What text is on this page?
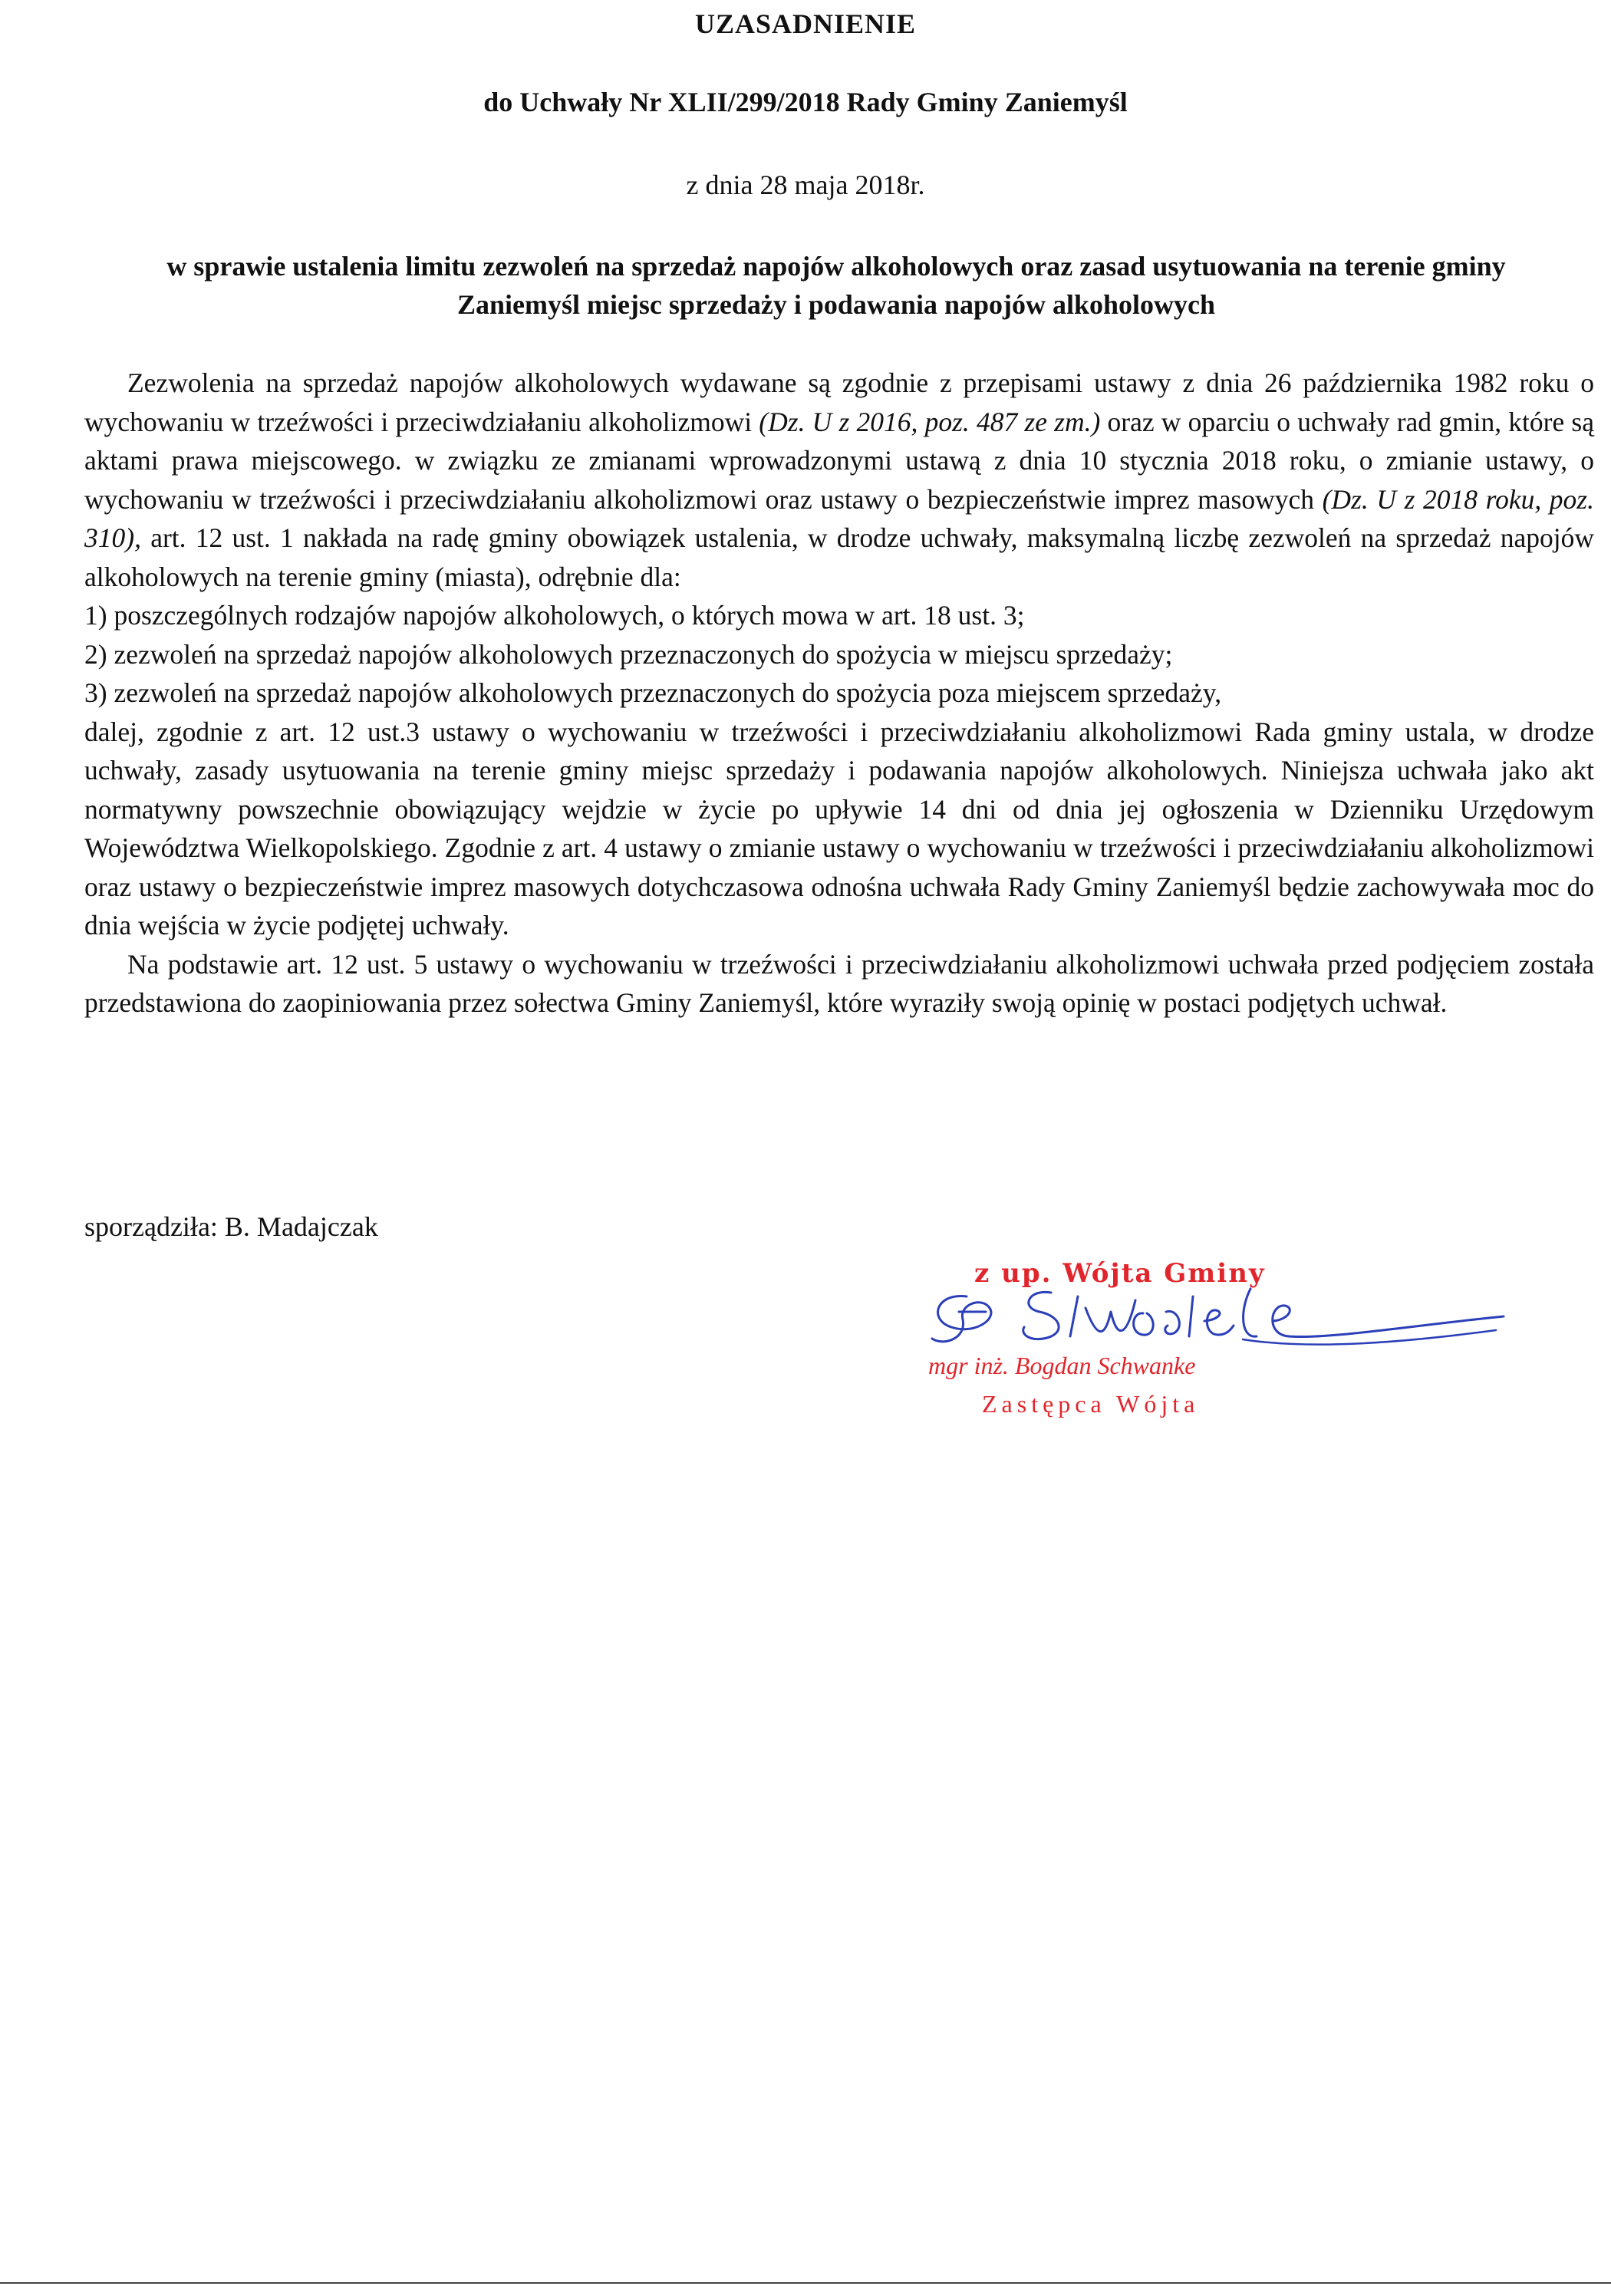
UZASADNIENIE
do Uchwały Nr XLII/299/2018 Rady Gminy Zaniemyśl
z dnia 28 maja 2018r.
w sprawie ustalenia limitu zezwoleń na sprzedaż napojów alkoholowych oraz zasad usytuowania na terenie gminy Zaniemyśl miejsc sprzedaży i podawania napojów alkoholowych

Zezwolenia na sprzedaż napojów alkoholowych wydawane są zgodnie z przepisami ustawy z dnia 26 października 1982 roku o wychowaniu w trzeźwości i przeciwdziałaniu alkoholizmowi (Dz. U z 2016, poz. 487 ze zm.) oraz w oparciu o uchwały rad gmin, które są aktami prawa miejscowego. w związku ze zmianami wprowadzonymi ustawą z dnia 10 stycznia 2018 roku, o zmianie ustawy, o wychowaniu w trzeźwości i przeciwdziałaniu alkoholizmowi oraz ustawy o bezpieczeństwie imprez masowych (Dz. U z 2018 roku, poz. 310), art. 12 ust. 1 nakłada na radę gminy obowiązek ustalenia, w drodze uchwały, maksymalną liczbę zezwoleń na sprzedaż napojów alkoholowych na terenie gminy (miasta), odrębnie dla:

1) poszczególnych rodzajów napojów alkoholowych, o których mowa w art. 18 ust. 3;

2) zezwoleń na sprzedaż napojów alkoholowych przeznaczonych do spożycia w miejscu sprzedaży;

3) zezwoleń na sprzedaż napojów alkoholowych przeznaczonych do spożycia poza miejscem sprzedaży,

dalej, zgodnie z art. 12 ust.3 ustawy o wychowaniu w trzeźwości i przeciwdziałaniu alkoholizmowi Rada gminy ustala, w drodze uchwały, zasady usytuowania na terenie gminy miejsc sprzedaży i podawania napojów alkoholowych. Niniejsza uchwała jako akt normatywny powszechnie obowiązujący wejdzie w życie po upływie 14 dni od dnia jej ogłoszenia w Dzienniku Urzędowym Województwa Wielkopolskiego. Zgodnie z art. 4 ustawy o zmianie ustawy o wychowaniu w trzeźwości i przeciwdziałaniu alkoholizmowi oraz ustawy o bezpieczeństwie imprez masowych dotychczasowa odnośna uchwała Rady Gminy Zaniemyśl będzie zachowywała moc do dnia wejścia w życie podjętej uchwały.

Na podstawie art. 12 ust. 5 ustawy o wychowaniu w trzeźwości i przeciwdziałaniu alkoholizmowi uchwała przed podjęciem została przedstawiona do zaopiniowania przez sołectwa Gminy Zaniemyśl, które wyraziły swoją opinię w postaci podjętych uchwał.

sporządziła: B. Madajczak
z up. Wójta Gminy
mgr inż. Bogdan Schwanke
Zastępca Wójta
